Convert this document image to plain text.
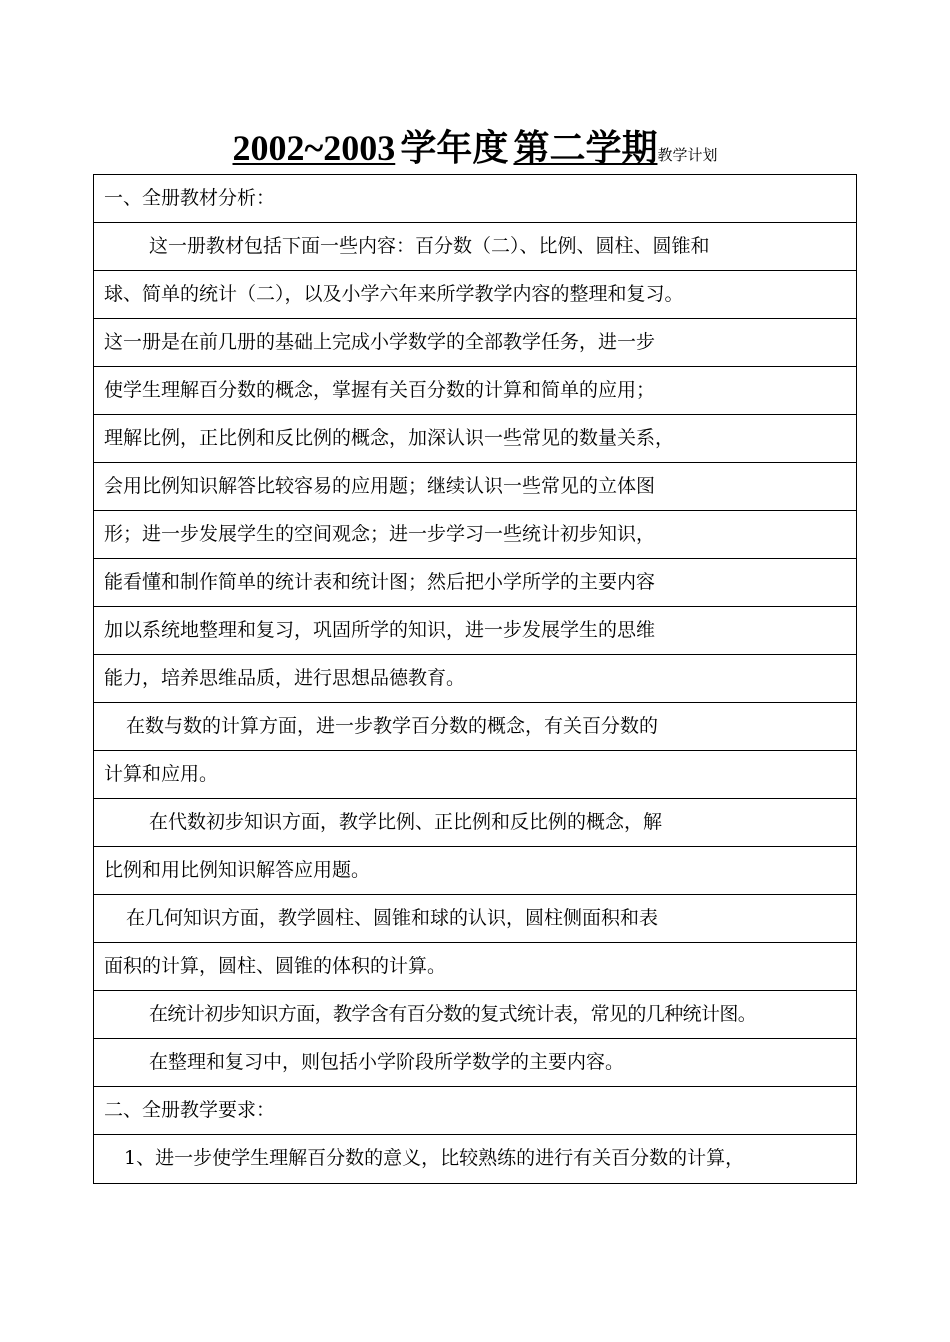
2002~2003 学年度 第二学期教学计划
一、全册教材分析：
这一册教材包括下面一些内容：百分数（二）、比例、圆柱、圆锥和
球、简单的统计（二），以及小学六年来所学教学内容的整理和复习。
这一册是在前几册的基础上完成小学数学的全部教学任务，进一步
使学生理解百分数的概念，掌握有关百分数的计算和简单的应用；
理解比例，正比例和反比例的概念，加深认识一些常见的数量关系，
会用比例知识解答比较容易的应用题；继续认识一些常见的立体图
形；进一步发展学生的空间观念；进一步学习一些统计初步知识，
能看懂和制作简单的统计表和统计图；然后把小学所学的主要内容
加以系统地整理和复习，巩固所学的知识，进一步发展学生的思维
能力，培养思维品质，进行思想品德教育。
在数与数的计算方面，进一步教学百分数的概念，有关百分数的
计算和应用。
在代数初步知识方面，教学比例、正比例和反比例的概念，解
比例和用比例知识解答应用题。
在几何知识方面，教学圆柱、圆锥和球的认识，圆柱侧面积和表
面积的计算，圆柱、圆锥的体积的计算。
在统计初步知识方面，教学含有百分数的复式统计表，常见的几种统计图。
在整理和复习中，则包括小学阶段所学数学的主要内容。
二、全册教学要求：
1、进一步使学生理解百分数的意义，比较熟练的进行有关百分数的计算，
